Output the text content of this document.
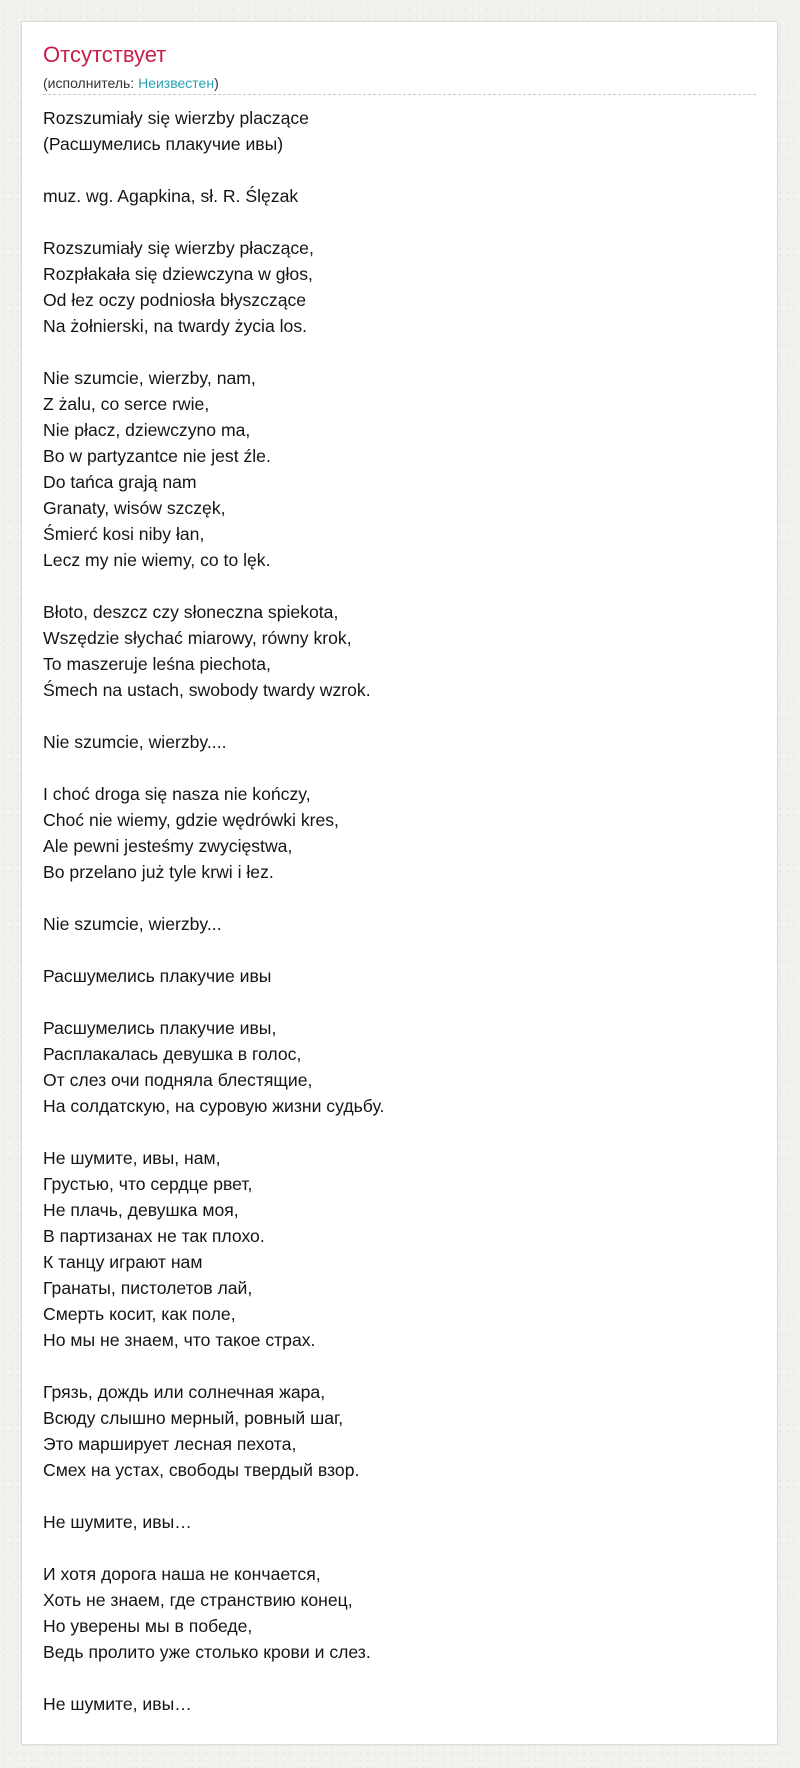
Отсутствует
(исполнитель: Неизвестен)
Rozszumiały się wierzby placzące
(Расшумелись плакучие ивы)
muz. wg. Agapkina, sł. R. Ślęzak
Rozszumiały się wierzby płaczące,
Rozpłakała się dziewczyna w głos,
Od łez oczy podniosła błyszczące
Na żołnierski, na twardy życia los.
Nie szumcie, wierzby, nam,
Z żalu, co serce rwie,
Nie płacz, dziewczyno ma,
Bo w partyzantce nie jest źle.
Do tańca grają nam
Granaty, wisów szczęk,
Śmierć kosi niby łan,
Lecz my nie wiemy, co to lęk.
Błoto, deszcz czy słoneczna spiekota,
Wszędzie słychać miarowy, równy krok,
To maszeruje leśna piechota,
Śmech na ustach, swobody twardy wzrok.
Nie szumcie, wierzby....
I choć droga się nasza nie kończy,
Choć nie wiemy, gdzie wędrówki kres,
Ale pewni jesteśmy zwycięstwa,
Bo przelano już tyle krwi i łez.
Nie szumcie, wierzby...
Расшумелись плакучие ивы
Расшумелись плакучие ивы,
Расплакалась девушка в голос,
От слез очи подняла блестящие,
На солдатскую, на суровую жизни судьбу.
Не шумите, ивы, нам,
Грустью, что сердце рвет,
Не плачь, девушка моя,
В партизанах не так плохо.
К танцу играют нам
Гранаты, пистолетов лай,
Смерть косит, как поле,
Но мы не знаем, что такое страх.
Грязь, дождь или солнечная жара,
Всюду слышно мерный, ровный шаг,
Это марширует лесная пехота,
Смех на устах, свободы твердый взор.
Не шумите, ивы…
И хотя дорога наша не кончается,
Хоть не знаем, где странствию конец,
Но уверены мы в победе,
Ведь пролито уже столько крови и слез.
Не шумите, ивы…
